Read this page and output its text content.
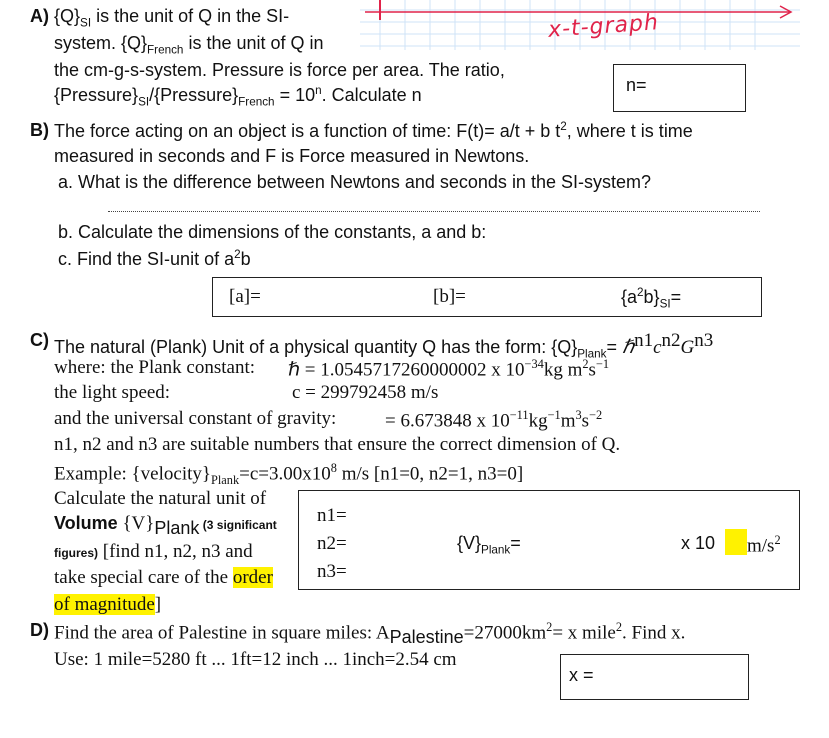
x-t-graph
A) $\{Q\}_{SI}$ is the unit of Q in the SI-
system. $\{Q\}_{French}$ is the unit of Q in
the cm-g-s-system. Pressure is force per area. The ratio,
$\{Pressure\}_{SI}/\{Pressure\}_{French} = 10^n$. Calculate n	n=
B) The force acting on an object is a function of time: F(t)= a/t + b $t^2$, where t is time
measured in seconds and F is Force measured in Newtons.
a. What is the difference between Newtons and seconds in the SI-system?
b. Calculate the dimensions of the constants, a and b:
c. Find the SI-unit of $a^2b$
[a]=	[b]=	$\{a^2b\}_{SI}=$
C) The natural (Plank) Unit of a physical quantity Q has the form: $\{Q\}_{Plank}=$ $\hbar^{n1}c^{n2}G^{n3}$
where: the Plank constant: ℏ = 1.0545717260000002 x $10^{-34}kg$ $m^2s^{-1}$
the light speed:	c = 299792458 m/s
and the universal constant of gravity:	= 6.673848 x $10^{-11}kg^{-1}m^3s^{-2}$
n1, n2 and n3 are suitable numbers that ensure the correct dimension of Q.
Example: $\{velocity\}_{Plank}=c=3.00x10^8$ m/s [n1=0, n2=1, n3=0]
Calculate the natural unit of
Volume $\{V\}_{Plank}$ (3 significant
figures) [find n1, n2, n3 and
take special care of the order
of magnitude]
n1=
n2=
n3=
$\{V\}_{Plank}=$	x 10 $m/s^2$
D) Find the area of Palestine in square miles: $A_{Palestine}=27000km^2= x$ mile$^2$. Find x.
Use: 1 mile=5280 ft ... 1ft=12 inch ... 1inch=2.54 cm
x =
